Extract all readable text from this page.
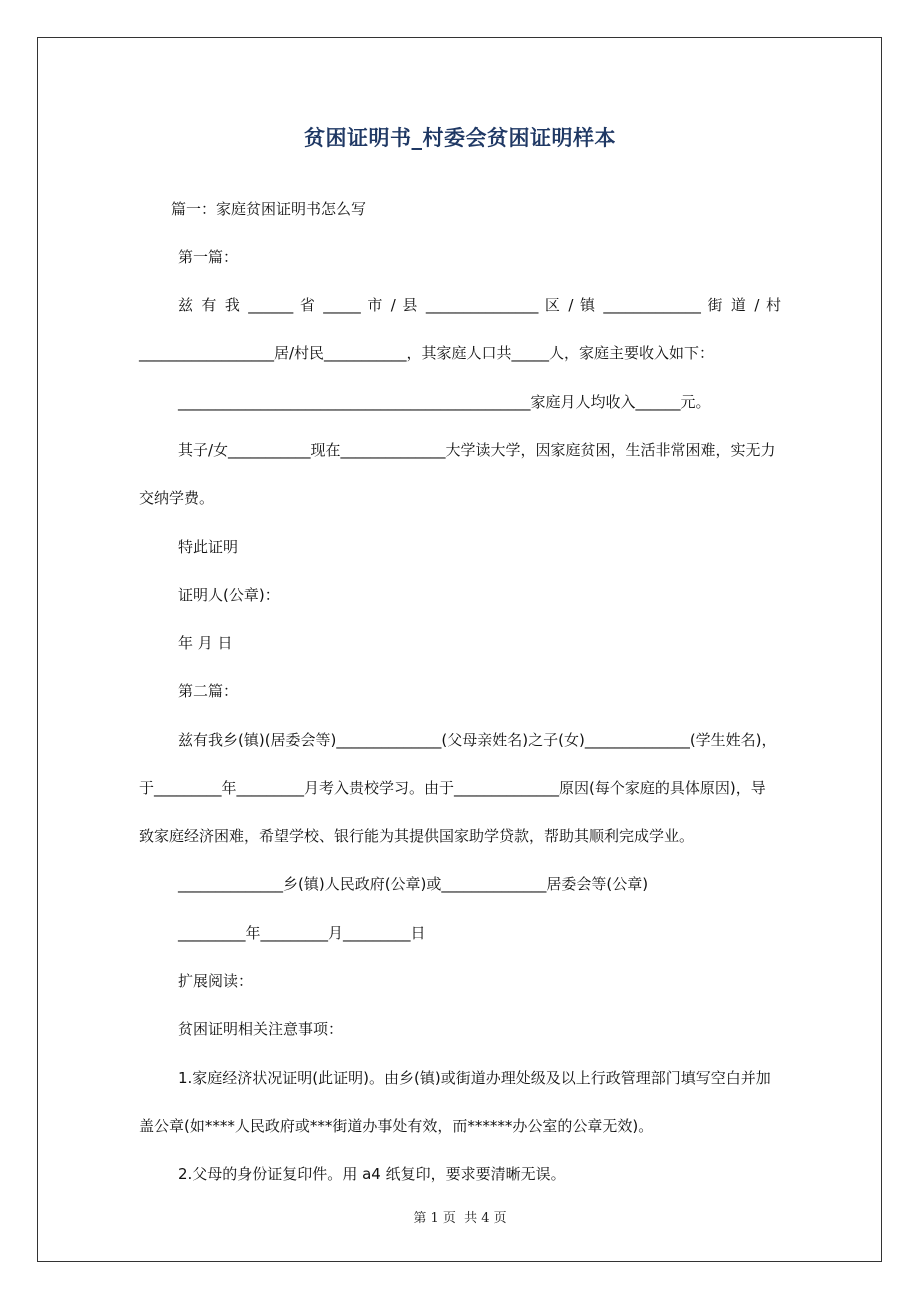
贫困证明书_村委会贫困证明样本
篇一：家庭贫困证明书怎么写
第一篇：
兹 有 我 ______ 省 _____ 市 / 县 _______________ 区 / 镇 _____________ 街 道 / 村
__________________居/村民___________，其家庭人口共_____人，家庭主要收入如下：
_______________________________________________家庭月人均收入______元。
其子/女___________现在______________大学读大学，因家庭贫困，生活非常困难，实无力
交纳学费。
特此证明
证明人(公章)：
年 月 日
第二篇：
兹有我乡(镇)(居委会等)______________(父母亲姓名)之子(女)______________(学生姓名)，
于_________年_________月考入贵校学习。由于______________原因(每个家庭的具体原因)，导
致家庭经济困难，希望学校、银行能为其提供国家助学贷款，帮助其顺利完成学业。
______________乡(镇)人民政府(公章)或______________居委会等(公章)
_________年_________月_________日
扩展阅读：
贫困证明相关注意事项：
1.家庭经济状况证明(此证明)。由乡(镇)或街道办理处级及以上行政管理部门填写空白并加
盖公章(如****人民政府或***街道办事处有效，而******办公室的公章无效)。
2.父母的身份证复印件。用 a4 纸复印，要求要清晰无误。
第 1 页 共 4 页
